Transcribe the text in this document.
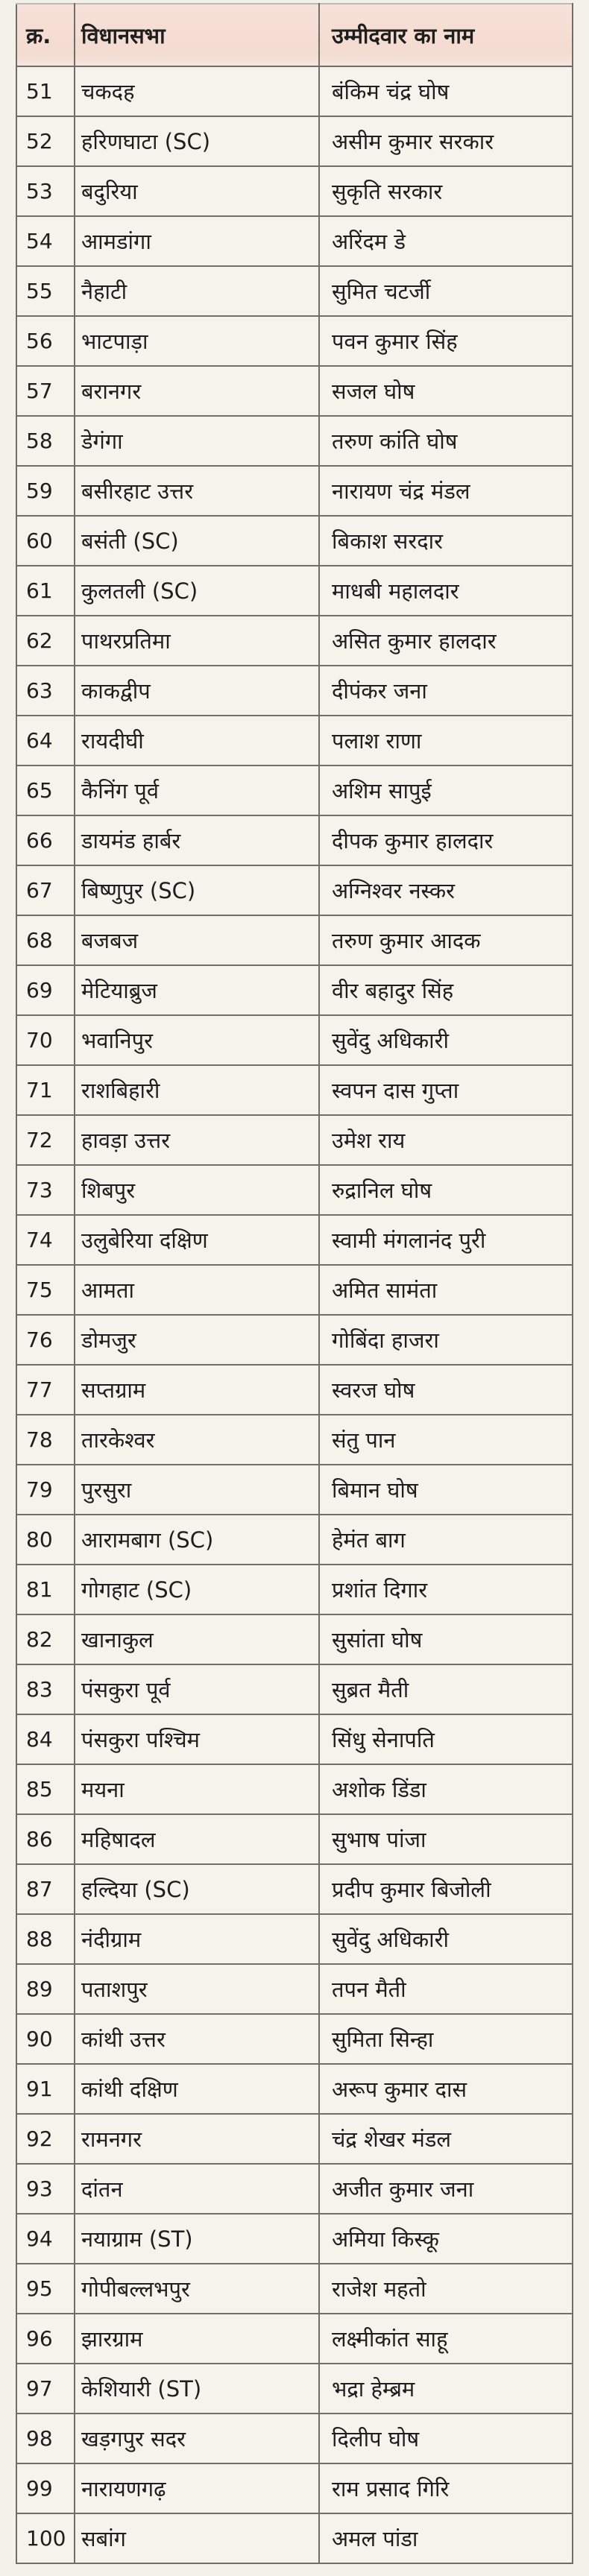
क्र.	विधानसभा	उम्मीदवार का नाम
51	चकदह	बंकिम चंद्र घोष
52	हरिणघाटा (SC)	असीम कुमार सरकार
53	बदुरिया	सुकृति सरकार
54	आमडांगा	अरिंदम डे
55	नैहाटी	सुमित चटर्जी
56	भाटपाड़ा	पवन कुमार सिंह
57	बरानगर	सजल घोष
58	डेगंगा	तरुण कांति घोष
59	बसीरहाट उत्तर	नारायण चंद्र मंडल
60	बसंती (SC)	बिकाश सरदार
61	कुलतली (SC)	माधबी महालदार
62	पाथरप्रतिमा	असित कुमार हालदार
63	काकद्वीप	दीपंकर जना
64	रायदीघी	पलाश राणा
65	कैनिंग पूर्व	अशिम सापुई
66	डायमंड हार्बर	दीपक कुमार हालदार
67	बिष्णुपुर (SC)	अग्निश्वर नस्कर
68	बजबज	तरुण कुमार आदक
69	मेटियाब्रुज	वीर बहादुर सिंह
70	भवानिपुर	सुवेंदु अधिकारी
71	राशबिहारी	स्वपन दास गुप्ता
72	हावड़ा उत्तर	उमेश राय
73	शिबपुर	रुद्रानिल घोष
74	उलुबेरिया दक्षिण	स्वामी मंगलानंद पुरी
75	आमता	अमित सामंता
76	डोमजुर	गोबिंदा हाजरा
77	सप्तग्राम	स्वरज घोष
78	तारकेश्वर	संतु पान
79	पुरसुरा	बिमान घोष
80	आरामबाग (SC)	हेमंत बाग
81	गोगहाट (SC)	प्रशांत दिगार
82	खानाकुल	सुसांता घोष
83	पंसकुरा पूर्व	सुब्रत मैती
84	पंसकुरा पश्चिम	सिंधु सेनापति
85	मयना	अशोक डिंडा
86	महिषादल	सुभाष पांजा
87	हल्दिया (SC)	प्रदीप कुमार बिजोली
88	नंदीग्राम	सुवेंदु अधिकारी
89	पताशपुर	तपन मैती
90	कांथी उत्तर	सुमिता सिन्हा
91	कांथी दक्षिण	अरूप कुमार दास
92	रामनगर	चंद्र शेखर मंडल
93	दांतन	अजीत कुमार जना
94	नयाग्राम (ST)	अमिया किस्कू
95	गोपीबल्लभपुर	राजेश महतो
96	झारग्राम	लक्ष्मीकांत साहू
97	केशियारी (ST)	भद्रा हेम्ब्रम
98	खड़गपुर सदर	दिलीप घोष
99	नारायणगढ़	राम प्रसाद गिरि
100	सबांग	अमल पांडा
